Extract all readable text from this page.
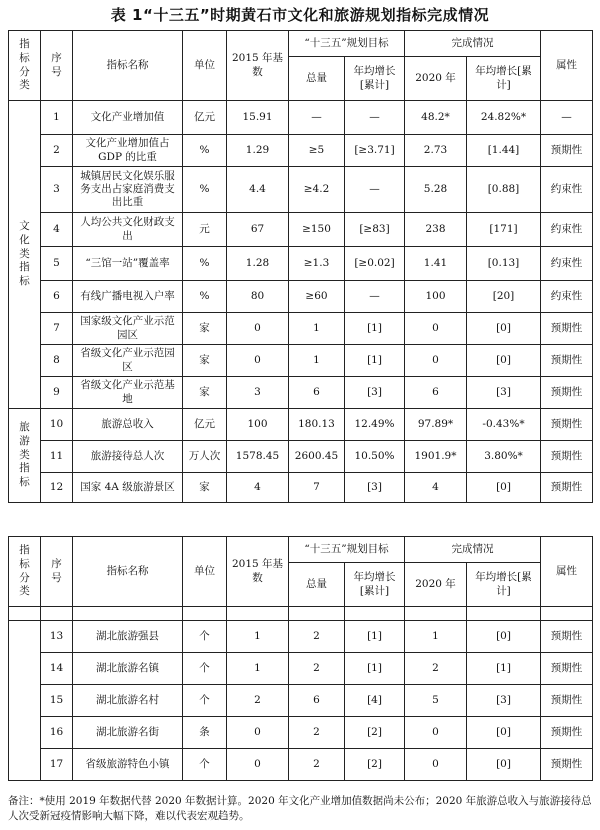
表 1“十三五”时期黄石市文化和旅游规划指标完成情况
指标分类	序号	指标名称	单位	2015 年基数	“十三五”规划目标		完成情况		属性
					总量	年均增长[累计]	2020 年	年均增长[累计]	
文化类指标	1	文化产业增加值	亿元	15.91	—	—	48.2*	24.82%*	—
	2	文化产业增加值占GDP 的比重	%	1.29	≥5	[≥3.71]	2.73	[1.44]	预期性
	3	城镇居民文化娱乐服务支出占家庭消费支出比重	%	4.4	≥4.2	—	5.28	[0.88]	约束性
	4	人均公共文化财政支出	元	67	≥150	[≥83]	238	[171]	约束性
	5	“三馆一站”覆盖率	%	1.28	≥1.3	[≥0.02]	1.41	[0.13]	约束性
	6	有线广播电视入户率	%	80	≥60	—	100	[20]	约束性
	7	国家级文化产业示范园区	家	0	1	[1]	0	[0]	预期性
	8	省级文化产业示范园区	家	0	1	[1]	0	[0]	预期性
	9	省级文化产业示范基地	家	3	6	[3]	6	[3]	预期性
旅游类指标	10	旅游总收入	亿元	100	180.13	12.49%	97.89*	-0.43%*	预期性
	11	旅游接待总人次	万人次	1578.45	2600.45	10.50%	1901.9*	3.80%*	预期性
	12	国家 4A 级旅游景区	家	4	7	[3]	4	[0]	预期性
指标分类	序号	指标名称	单位	2015 年基数	“十三五”规划目标		完成情况		属性
					总量	年均增长[累计]	2020 年	年均增长[累计]	

	13	湖北旅游强县	个	1	2	[1]	1	[0]	预期性
	14	湖北旅游名镇	个	1	2	[1]	2	[1]	预期性
	15	湖北旅游名村	个	2	6	[4]	5	[3]	预期性
	16	湖北旅游名街	条	0	2	[2]	0	[0]	预期性
	17	省级旅游特色小镇	个	0	2	[2]	0	[0]	预期性
备注：*使用 2019 年数据代替 2020 年数据计算。2020 年文化产业增加值数据尚未公布；2020 年旅游总收入与旅游接待总人次受新冠疫情影响大幅下降，难以代表宏观趋势。
